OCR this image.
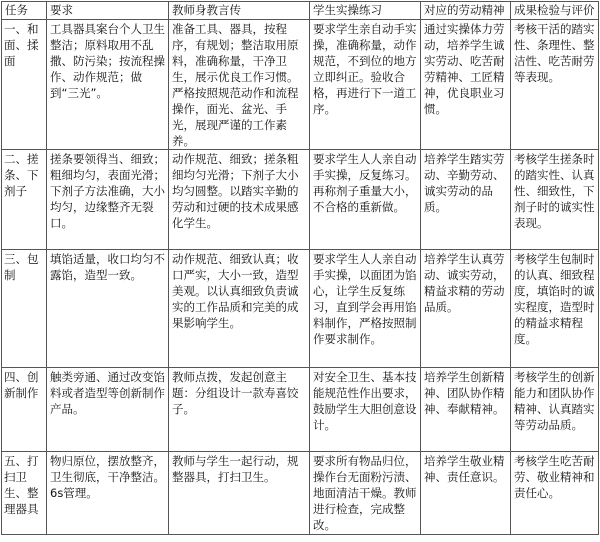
任务	要求	教师身教言传	学生实操练习	对应的劳动精神	成果检验与评价
一、和面、揉面	工具器具案台个人卫生整洁；原料取用不乱撒、防污染；按流程操作、动作规范；做到“三光”。	准备工具、器具，按程序，有规划；整洁取用原料，准确称量，干净卫生，展示优良工作习惯。严格按照规范动作和流程操作，面光、盆光、手光，展现严谨的工作素养。	要求学生亲自动手实操，准确称量，动作规范，不到位的地方立即纠正。验收合格，再进行下一道工序。	通过实操体力劳动，培养学生诚实劳动、吃苦耐劳精神、工匠精神，优良职业习惯。	考核干活的踏实性、条理性、整洁性、吃苦耐劳等表现。
二、搓条、下剂子	搓条要领得当、细致；粗细均匀，表面光滑；下剂子方法准确，大小均匀，边缘整齐无裂口。	动作规范、细致；搓条粗细均匀光滑；下剂子大小均匀圆整。以踏实辛勤的劳动和过硬的技术成果感化学生。	要求学生人人亲自动手实操，反复练习。再称剂子重量大小，不合格的重新做。	培养学生踏实劳动、辛勤劳动、诚实劳动的品质。	考核学生搓条时的踏实性、认真性、细致性，下剂子时的诚实性表现。
三、包制	填馅适量，收口均匀不露馅，造型一致。	动作规范、细致认真；收口严实，大小一致，造型美观。以认真细致负责诚实的工作品质和完美的成果影响学生。	要求学生人人亲自动手实操，以面团为馅心，让学生反复练习，直到学会再用馅料制作，严格按照制作要求制作。	培养学生认真劳动、诚实劳动，精益求精的劳动品质。	考核学生包制时的认真、细致程度，填馅时的诚实程度，造型时的精益求精程度。
四、创新制作	触类旁通、通过改变馅料或者造型等创新制作产品。	教师点拨，发起创意主题：分组设计一款寿喜饺子。	对安全卫生、基本技能规范性作出要求，鼓励学生大胆创意设计。	培养学生创新精神、团队协作精神、奉献精神。	考核学生的创新能力和团队协作精神、认真踏实等劳动品质。
五、打扫卫生、整理器具	物归原位，摆放整齐，卫生彻底，干净整洁。6s管理。	教师与学生一起行动，规整器具，打扫卫生。	要求所有物品归位，操作台无面粉污渍、地面清洁干燥。教师进行检查，完成整改。	培养学生敬业精神、责任意识。	考核学生吃苦耐劳、敬业精神和责任心。
